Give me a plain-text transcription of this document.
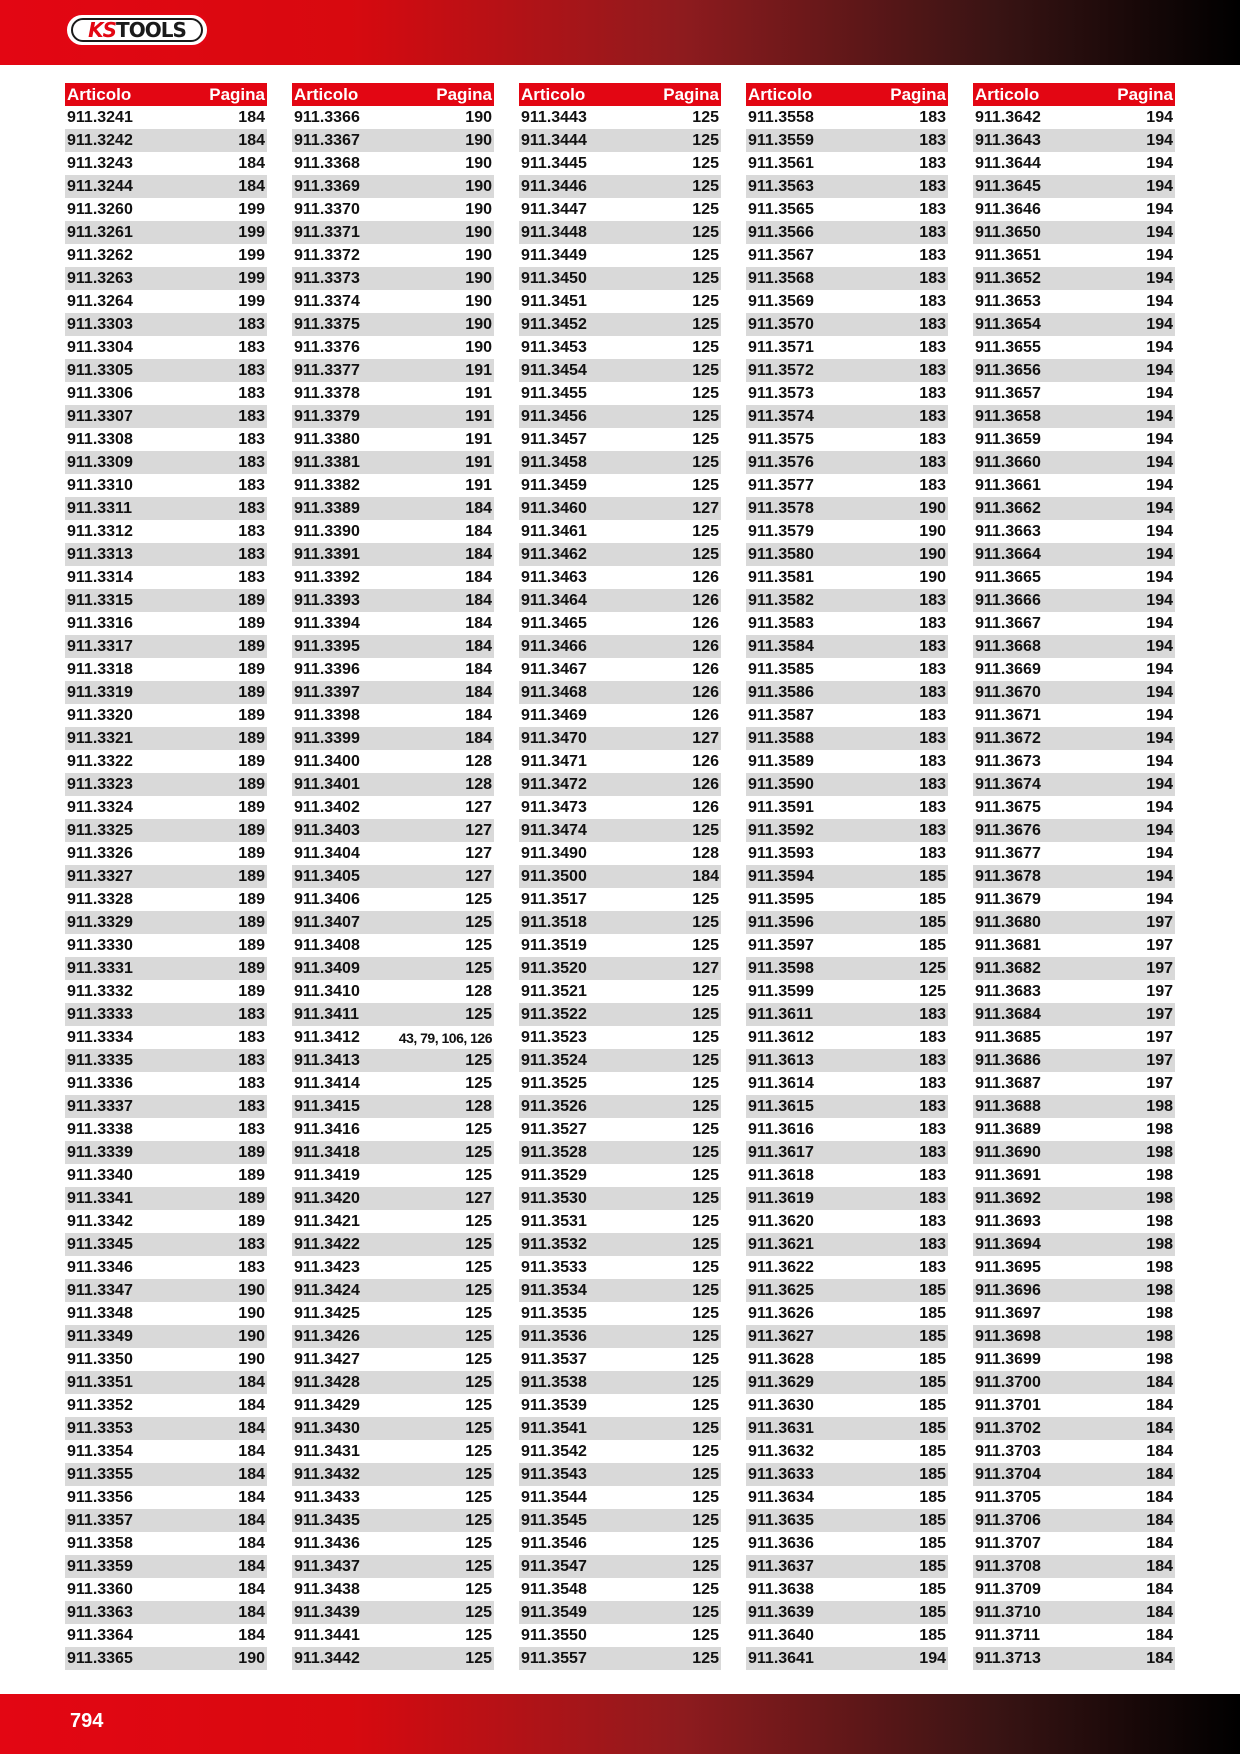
KS TOOLS
Articolo	Pagina
911.3241	184
911.3242	184
911.3243	184
911.3244	184
911.3260	199
911.3261	199
911.3262	199
911.3263	199
911.3264	199
911.3303	183
911.3304	183
911.3305	183
911.3306	183
911.3307	183
911.3308	183
911.3309	183
911.3310	183
911.3311	183
911.3312	183
911.3313	183
911.3314	183
911.3315	189
911.3316	189
911.3317	189
911.3318	189
911.3319	189
911.3320	189
911.3321	189
911.3322	189
911.3323	189
911.3324	189
911.3325	189
911.3326	189
911.3327	189
911.3328	189
911.3329	189
911.3330	189
911.3331	189
911.3332	189
911.3333	183
911.3334	183
911.3335	183
911.3336	183
911.3337	183
911.3338	183
911.3339	189
911.3340	189
911.3341	189
911.3342	189
911.3345	183
911.3346	183
911.3347	190
911.3348	190
911.3349	190
911.3350	190
911.3351	184
911.3352	184
911.3353	184
911.3354	184
911.3355	184
911.3356	184
911.3357	184
911.3358	184
911.3359	184
911.3360	184
911.3363	184
911.3364	184
911.3365	190
Articolo	Pagina
911.3366	190
911.3367	190
911.3368	190
911.3369	190
911.3370	190
911.3371	190
911.3372	190
911.3373	190
911.3374	190
911.3375	190
911.3376	190
911.3377	191
911.3378	191
911.3379	191
911.3380	191
911.3381	191
911.3382	191
911.3389	184
911.3390	184
911.3391	184
911.3392	184
911.3393	184
911.3394	184
911.3395	184
911.3396	184
911.3397	184
911.3398	184
911.3399	184
911.3400	128
911.3401	128
911.3402	127
911.3403	127
911.3404	127
911.3405	127
911.3406	125
911.3407	125
911.3408	125
911.3409	125
911.3410	128
911.3411	125
911.3412	43, 79, 106, 126
911.3413	125
911.3414	125
911.3415	128
911.3416	125
911.3418	125
911.3419	125
911.3420	127
911.3421	125
911.3422	125
911.3423	125
911.3424	125
911.3425	125
911.3426	125
911.3427	125
911.3428	125
911.3429	125
911.3430	125
911.3431	125
911.3432	125
911.3433	125
911.3435	125
911.3436	125
911.3437	125
911.3438	125
911.3439	125
911.3441	125
911.3442	125
Articolo	Pagina
911.3443	125
911.3444	125
911.3445	125
911.3446	125
911.3447	125
911.3448	125
911.3449	125
911.3450	125
911.3451	125
911.3452	125
911.3453	125
911.3454	125
911.3455	125
911.3456	125
911.3457	125
911.3458	125
911.3459	125
911.3460	127
911.3461	125
911.3462	125
911.3463	126
911.3464	126
911.3465	126
911.3466	126
911.3467	126
911.3468	126
911.3469	126
911.3470	127
911.3471	126
911.3472	126
911.3473	126
911.3474	125
911.3490	128
911.3500	184
911.3517	125
911.3518	125
911.3519	125
911.3520	127
911.3521	125
911.3522	125
911.3523	125
911.3524	125
911.3525	125
911.3526	125
911.3527	125
911.3528	125
911.3529	125
911.3530	125
911.3531	125
911.3532	125
911.3533	125
911.3534	125
911.3535	125
911.3536	125
911.3537	125
911.3538	125
911.3539	125
911.3541	125
911.3542	125
911.3543	125
911.3544	125
911.3545	125
911.3546	125
911.3547	125
911.3548	125
911.3549	125
911.3550	125
911.3557	125
Articolo	Pagina
911.3558	183
911.3559	183
911.3561	183
911.3563	183
911.3565	183
911.3566	183
911.3567	183
911.3568	183
911.3569	183
911.3570	183
911.3571	183
911.3572	183
911.3573	183
911.3574	183
911.3575	183
911.3576	183
911.3577	183
911.3578	190
911.3579	190
911.3580	190
911.3581	190
911.3582	183
911.3583	183
911.3584	183
911.3585	183
911.3586	183
911.3587	183
911.3588	183
911.3589	183
911.3590	183
911.3591	183
911.3592	183
911.3593	183
911.3594	185
911.3595	185
911.3596	185
911.3597	185
911.3598	125
911.3599	125
911.3611	183
911.3612	183
911.3613	183
911.3614	183
911.3615	183
911.3616	183
911.3617	183
911.3618	183
911.3619	183
911.3620	183
911.3621	183
911.3622	183
911.3625	185
911.3626	185
911.3627	185
911.3628	185
911.3629	185
911.3630	185
911.3631	185
911.3632	185
911.3633	185
911.3634	185
911.3635	185
911.3636	185
911.3637	185
911.3638	185
911.3639	185
911.3640	185
911.3641	194
Articolo	Pagina
911.3642	194
911.3643	194
911.3644	194
911.3645	194
911.3646	194
911.3650	194
911.3651	194
911.3652	194
911.3653	194
911.3654	194
911.3655	194
911.3656	194
911.3657	194
911.3658	194
911.3659	194
911.3660	194
911.3661	194
911.3662	194
911.3663	194
911.3664	194
911.3665	194
911.3666	194
911.3667	194
911.3668	194
911.3669	194
911.3670	194
911.3671	194
911.3672	194
911.3673	194
911.3674	194
911.3675	194
911.3676	194
911.3677	194
911.3678	194
911.3679	194
911.3680	197
911.3681	197
911.3682	197
911.3683	197
911.3684	197
911.3685	197
911.3686	197
911.3687	197
911.3688	198
911.3689	198
911.3690	198
911.3691	198
911.3692	198
911.3693	198
911.3694	198
911.3695	198
911.3696	198
911.3697	198
911.3698	198
911.3699	198
911.3700	184
911.3701	184
911.3702	184
911.3703	184
911.3704	184
911.3705	184
911.3706	184
911.3707	184
911.3708	184
911.3709	184
911.3710	184
911.3711	184
911.3713	184
794
